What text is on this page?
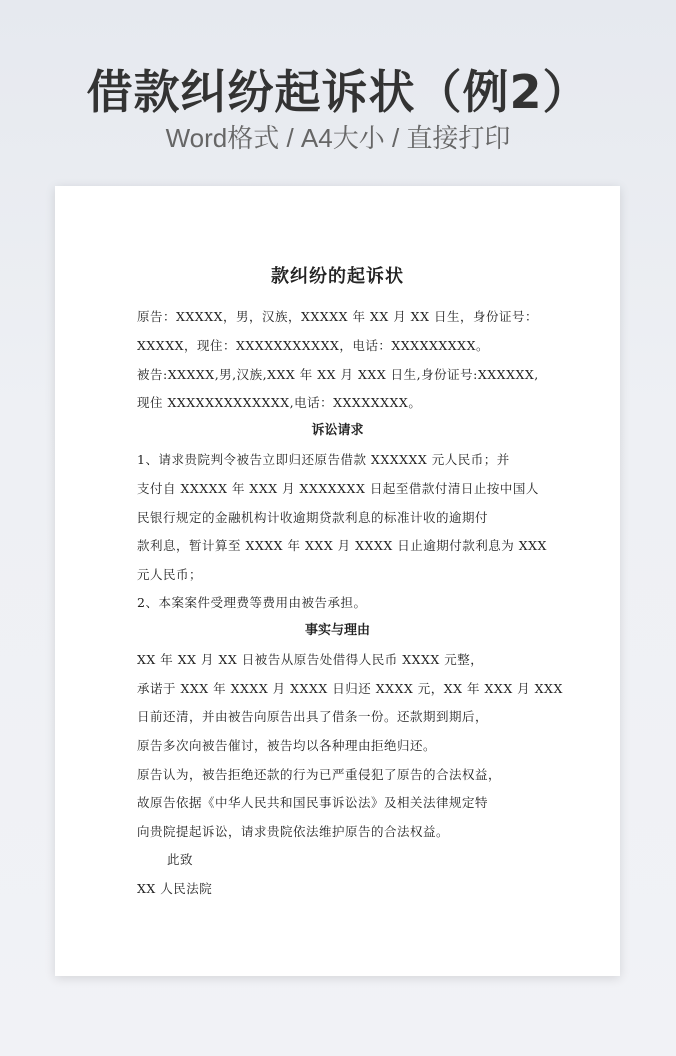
借款纠纷起诉状（例2）
Word格式 / A4大小 / 直接打印
款纠纷的起诉状
原告：XXXXX，男，汉族，XXXXX 年 XX 月 XX 日生，身份证号：
XXXXX，现住：XXXXXXXXXXX，电话：XXXXXXXXX。
被告:XXXXX,男,汉族,XXX 年 XX 月 XXX 日生,身份证号:XXXXXX,
现住 XXXXXXXXXXXXX,电话：XXXXXXXX。
诉讼请求
1、请求贵院判令被告立即归还原告借款 XXXXXX 元人民币；并
支付自 XXXXX 年 XXX 月 XXXXXXX 日起至借款付清日止按中国人
民银行规定的金融机构计收逾期贷款利息的标准计收的逾期付
款利息，暂计算至 XXXX 年 XXX 月 XXXX 日止逾期付款利息为 XXX
元人民币；
2、本案案件受理费等费用由被告承担。
事实与理由
XX 年 XX 月 XX 日被告从原告处借得人民币 XXXX 元整，
承诺于 XXX 年 XXXX 月 XXXX 日归还 XXXX 元，XX 年 XXX 月 XXX
日前还清，并由被告向原告出具了借条一份。还款期到期后，
原告多次向被告催讨，被告均以各种理由拒绝归还。
原告认为，被告拒绝还款的行为已严重侵犯了原告的合法权益，
故原告依据《中华人民共和国民事诉讼法》及相关法律规定特
向贵院提起诉讼，请求贵院依法维护原告的合法权益。
此致
XX 人民法院
